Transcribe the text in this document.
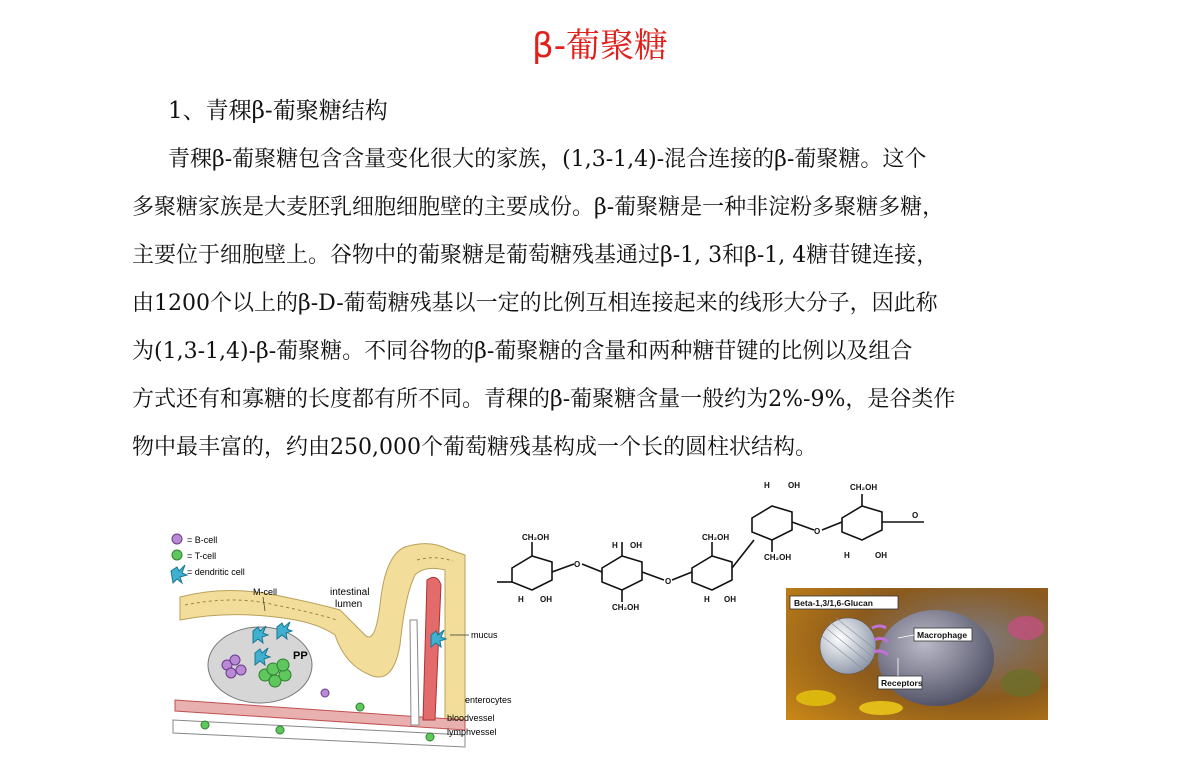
β-葡聚糖
1、青稞β-葡聚糖结构

青稞β-葡聚糖包含含量变化很大的家族，(1,3-1,4)-混合连接的β-葡聚糖。这个

多聚糖家族是大麦胚乳细胞细胞壁的主要成份。β-葡聚糖是一种非淀粉多聚糖多糖，

主要位于细胞壁上。谷物中的葡聚糖是葡萄糖残基通过β-1, 3和β-1, 4糖苷键连接，

由1200个以上的β-D-葡萄糖残基以一定的比例互相连接起来的线形大分子，因此称

为(1,3-1,4)-β-葡聚糖。不同谷物的β-葡聚糖的含量和两种糖苷键的比例以及组合

方式还有和寡糖的长度都有所不同。青稞的β-葡聚糖含量一般约为2%-9%，是谷类作

物中最丰富的，约由250,000个葡萄糖残基构成一个长的圆柱状结构。

= B-cell
= T-cell
= dendritic cell
PP
M-cell	intestinal
lumen
mucus
enterocytes
bloodvessel
lymphvessel
CH₂OH	CH₂OH
CH₂OH
CH₂OH
CH₂OH
O
O
O
O
OH
OH
OH
OH
OH
H
H
H
H
H
Beta-1,3/1,6-Glucan
Macrophage
Receptors
